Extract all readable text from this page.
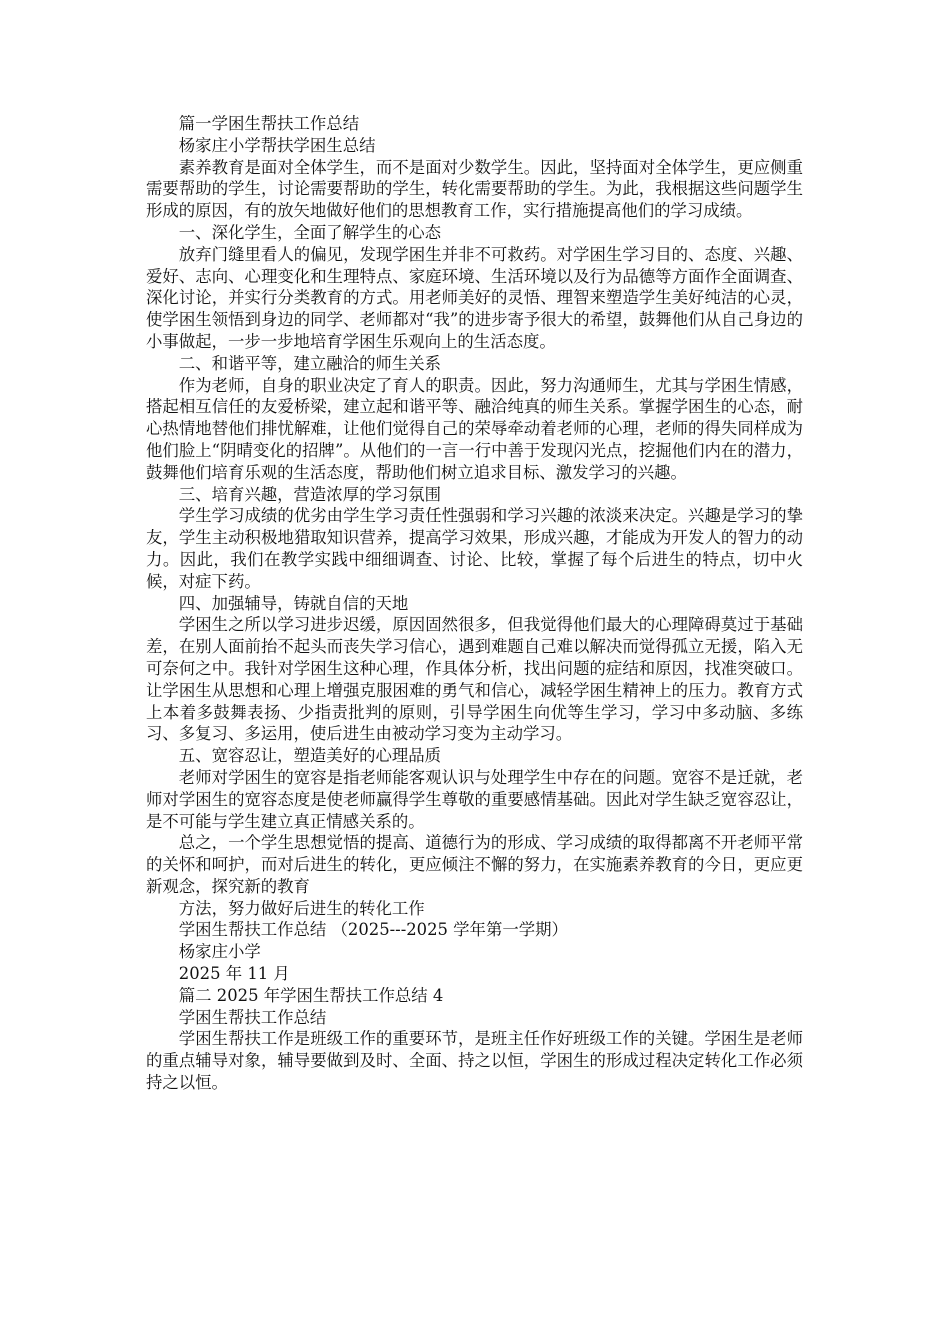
篇一学困生帮扶工作总结

杨家庄小学帮扶学困生总结

素养教育是面对全体学生，而不是面对少数学生。因此，坚持面对全体学生，更应侧重需要帮助的学生，讨论需要帮助的学生，转化需要帮助的学生。为此，我根据这些问题学生形成的原因，有的放矢地做好他们的思想教育工作，实行措施提高他们的学习成绩。

一、深化学生，全面了解学生的心态

放弃门缝里看人的偏见，发现学困生并非不可救药。对学困生学习目的、态度、兴趣、爱好、志向、心理变化和生理特点、家庭环境、生活环境以及行为品德等方面作全面调查、深化讨论，并实行分类教育的方式。用老师美好的灵悟、理智来塑造学生美好纯洁的心灵，使学困生领悟到身边的同学、老师都对“我”的进步寄予很大的希望，鼓舞他们从自己身边的小事做起，一步一步地培育学困生乐观向上的生活态度。

二、和谐平等，建立融洽的师生关系

作为老师，自身的职业决定了育人的职责。因此，努力沟通师生，尤其与学困生情感，搭起相互信任的友爱桥梁，建立起和谐平等、融洽纯真的师生关系。掌握学困生的心态，耐心热情地替他们排忧解难，让他们觉得自己的荣辱牵动着老师的心理，老师的得失同样成为他们脸上“阴晴变化的招牌”。从他们的一言一行中善于发现闪光点，挖掘他们内在的潜力，鼓舞他们培育乐观的生活态度，帮助他们树立追求目标、激发学习的兴趣。

三、培育兴趣，营造浓厚的学习氛围

学生学习成绩的优劣由学生学习责任性强弱和学习兴趣的浓淡来决定。兴趣是学习的挚友，学生主动积极地猎取知识营养，提高学习效果，形成兴趣，才能成为开发人的智力的动力。因此，我们在教学实践中细细调查、讨论、比较，掌握了每个后进生的特点，切中火候，对症下药。

四、加强辅导，铸就自信的天地

学困生之所以学习进步迟缓，原因固然很多，但我觉得他们最大的心理障碍莫过于基础差，在别人面前抬不起头而丧失学习信心，遇到难题自己难以解决而觉得孤立无援，陷入无可奈何之中。我针对学困生这种心理，作具体分析，找出问题的症结和原因，找准突破口。让学困生从思想和心理上增强克服困难的勇气和信心，减轻学困生精神上的压力。教育方式上本着多鼓舞表扬、少指责批判的原则，引导学困生向优等生学习，学习中多动脑、多练习、多复习、多运用，使后进生由被动学习变为主动学习。

五、宽容忍让，塑造美好的心理品质

老师对学困生的宽容是指老师能客观认识与处理学生中存在的问题。宽容不是迁就，老师对学困生的宽容态度是使老师赢得学生尊敬的重要感情基础。因此对学生缺乏宽容忍让，是不可能与学生建立真正情感关系的。

总之，一个学生思想觉悟的提高、道德行为的形成、学习成绩的取得都离不开老师平常的关怀和呵护，而对后进生的转化，更应倾注不懈的努力，在实施素养教育的今日，更应更新观念，探究新的教育

方法，努力做好后进生的转化工作

学困生帮扶工作总结 （2025---2025 学年第一学期）

杨家庄小学

2025 年 11 月

篇二 2025 年学困生帮扶工作总结 4

学困生帮扶工作总结

学困生帮扶工作是班级工作的重要环节，是班主任作好班级工作的关键。学困生是老师的重点辅导对象，辅导要做到及时、全面、持之以恒，学困生的形成过程决定转化工作必须持之以恒。
